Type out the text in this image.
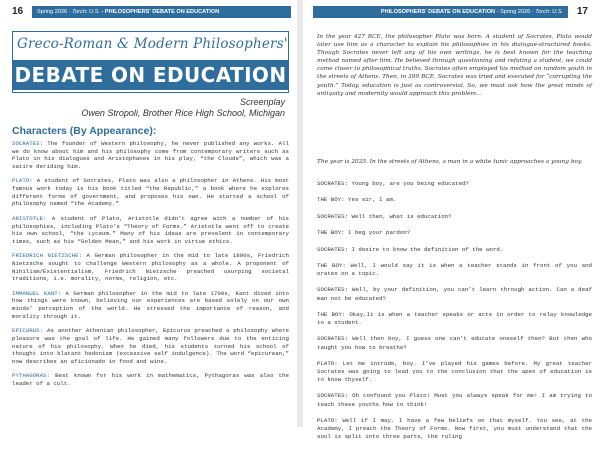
16	Spring 2026 · Torch: U.S. - PHILOSOPHERS' DEBATE ON EDUCATION
Greco-Roman & Modern Philosophers'
DEBATE ON EDUCATION
Screenplay
Owen Stropoli, Brother Rice High School, Michigan
Characters (By Appearance):

SOCRATES: The founder of Western philosophy, he never published any works. All we do know about him and his philosophy come from contemporary writers such as Plato in his dialogues and Aristophanes in his play, “the Clouds”, which was a satire deriding him.

PLATO: A student of Socrates, Plato was also a philosopher in Athens. His most famous work today is his book titled “the Republic,” a book where he explores different forms of government, and proposes his own. He started a school of philosophy named “the Academy.”

ARISTOTLE: A student of Plato, Aristotle didn’t agree with a number of his philosophies, including Plato’s “Theory of Forms.” Aristotle went off to create his own school, “the Lyceum.” Many of his ideas are prevalent in contemporary times, such as his “Golden Mean,” and his work in virtue ethics.

FRIEDRICH NIETZSCHE: A German philosopher in the mid to late 1800s, Friedrich Nietzsche sought to challenge Western philosophy as a whole. A proponent of Nihilism/Existentialism, Friedrich Nietzsche preached usurping societal traditions, i.e. morality, norms, religion, etc.

IMMANUEL KANT: A German philosopher in the mid to late 1700s, Kant dived into how things were known, believing our experiences are based solely on our own minds’ perception of the world. He stressed the importance of reason, and morality through it.

EPICURUS: As another Athenian philosopher, Epicurus preached a philosophy where pleasure was the goal of life. He gained many followers due to the enticing nature of his philosophy. When he died, his students turned his school of thought into blatant hedonism (excessive self indulgence). The word “epicurean,” now describes an aficionado in food and wine.

PYTHAGORAS: Best known for his work in mathematics, Pythagoras was also the leader of a cult.

PHILOSOPHERS' DEBATE ON EDUCATION - Spring 2026 · Torch: U.S.	17

In the year 427 BCE, the philosopher Plato was born. A student of Socrates, Plato would later use him as a character to explain his philosophies in his dialogue-structured books. Though Socrates never left any of his own writings, he is best known for the teaching method named after him. He believed through questioning and refuting a student, we could come closer to philosophical truths. Socrates often employed his method on random youth in the streets of Athens. Then, in 399 BCE, Socrates was tried and executed for “corrupting the youth.” Today, education is just as controversial. So, we must ask how the great minds of antiquity and modernity would approach this problem…

The year is 2025. In the streets of Athens, a man in a white tunic approaches a young boy.

SOCRATES: Young boy, are you being educated?

THE BOY: Yes sir, I am.

SOCRATES: Well then, what is education?

THE BOY: I beg your pardon?

SOCRATES: I desire to know the definition of the word.

THE BOY: Well, I would say it is when a teacher stands in front of you and orates on a topic.

SOCRATES: Well, by your definition, you can’t learn through action. Can a deaf man not be educated?

THE BOY: Okay…It is when a teacher speaks or acts in order to relay knowledge to a student.

SOCRATES: Well then boy, I guess one can’t educate oneself then? But then who taught you how to breathe?

PLATO: Let me intrude, boy. I’ve played his games before. My great teacher Socrates was going to lead you to the conclusion that the apex of education is to know thyself.

SOCRATES: Oh confound you Plato! Must you always speak for me! I am trying to teach these youths how to think!

PLATO: Well if I may, I have a few beliefs on that myself. You see, at the Academy, I preach the Theory of Forms. Now first, you must understand that the soul is split into three parts, the ruling
